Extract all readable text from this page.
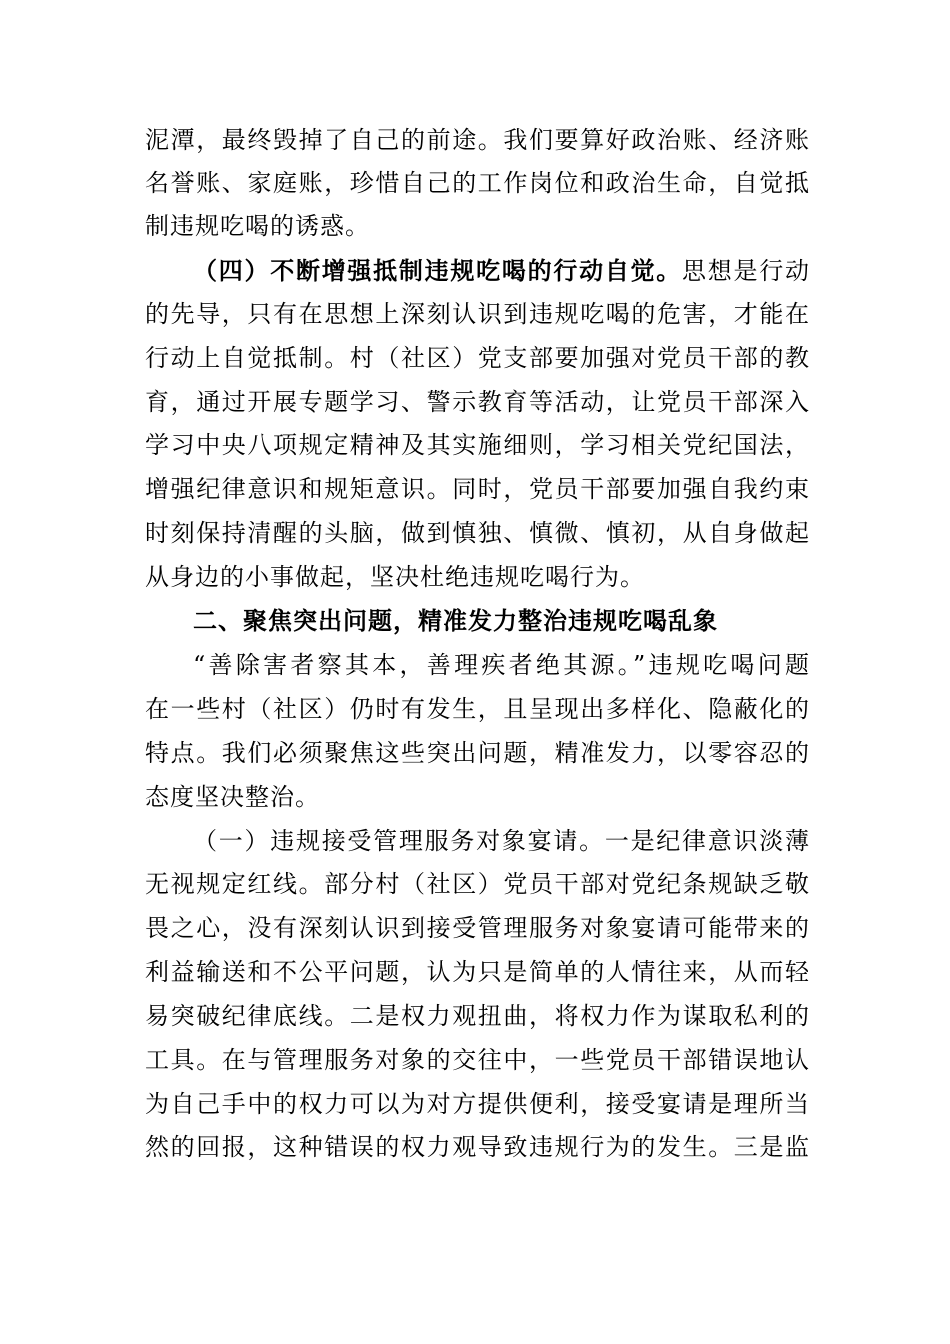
泥潭，最终毁掉了自己的前途。我们要算好政治账、经济账
名誉账、家庭账，珍惜自己的工作岗位和政治生命，自觉抵
制违规吃喝的诱惑。
（四）不断增强抵制违规吃喝的行动自觉。思想是行动
的先导，只有在思想上深刻认识到违规吃喝的危害，才能在
行动上自觉抵制。村（社区）党支部要加强对党员干部的教
育，通过开展专题学习、警示教育等活动，让党员干部深入
学习中央八项规定精神及其实施细则，学习相关党纪国法，
增强纪律意识和规矩意识。同时，党员干部要加强自我约束
时刻保持清醒的头脑，做到慎独、慎微、慎初，从自身做起
从身边的小事做起，坚决杜绝违规吃喝行为。
二、聚焦突出问题，精准发力整治违规吃喝乱象
“善除害者察其本，善理疾者绝其源。”违规吃喝问题
在一些村（社区）仍时有发生，且呈现出多样化、隐蔽化的
特点。我们必须聚焦这些突出问题，精准发力，以零容忍的
态度坚决整治。
（一）违规接受管理服务对象宴请。一是纪律意识淡薄
无视规定红线。部分村（社区）党员干部对党纪条规缺乏敬
畏之心，没有深刻认识到接受管理服务对象宴请可能带来的
利益输送和不公平问题，认为只是简单的人情往来，从而轻
易突破纪律底线。二是权力观扭曲，将权力作为谋取私利的
工具。在与管理服务对象的交往中，一些党员干部错误地认
为自己手中的权力可以为对方提供便利，接受宴请是理所当
然的回报，这种错误的权力观导致违规行为的发生。三是监
